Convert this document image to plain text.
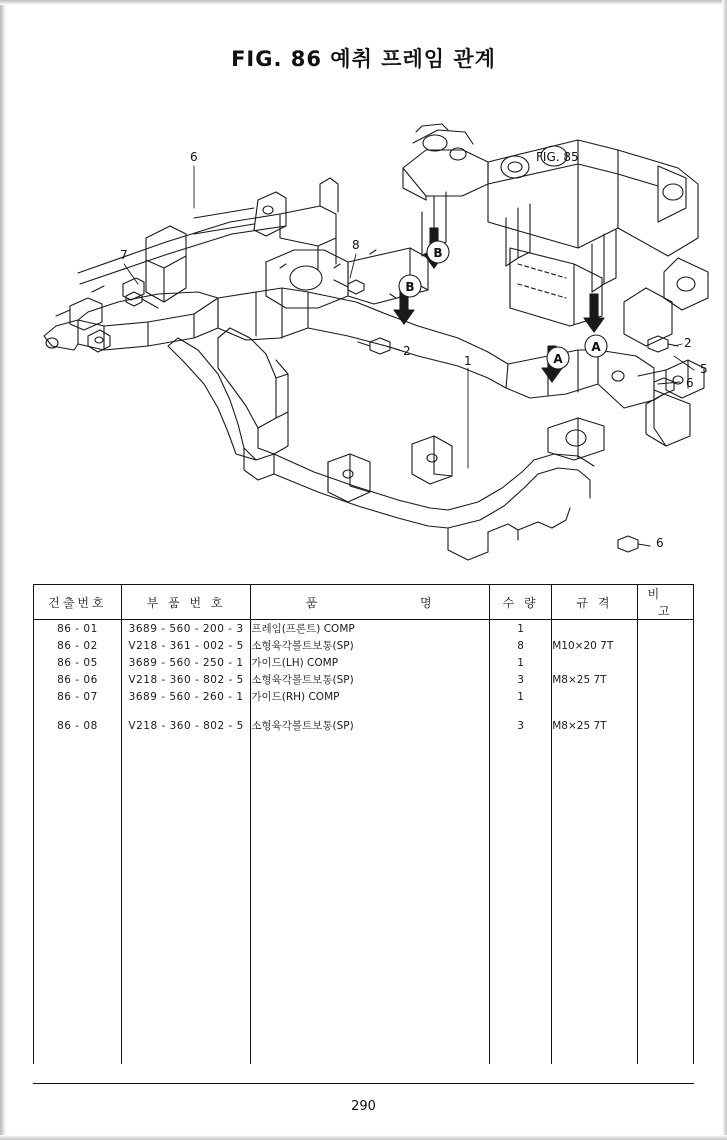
FIG. 86 예취 프레임 관계
B
B
A
A
FIG. 85
6
7
8
2
2
1
5
6
6
건출번호	부 품 번 호	품 명	수 량	규 격	비  고
86 - 01	3689 - 560 - 200 - 3	프레임(프론트) COMP	1		
86 - 02	V218 - 361 - 002 - 5	소형육각볼트보통(SP)	8	M10×20 7T	
86 - 05	3689 - 560 - 250 - 1	가이드(LH) COMP	1		
86 - 06	V218 - 360 - 802 - 5	소형육각볼트보통(SP)	3	M8×25 7T	
86 - 07	3689 - 560 - 260 - 1	가이드(RH) COMP	1		

86 - 08	V218 - 360 - 802 - 5	소형육각볼트보통(SP)	3	M8×25 7T	

290
